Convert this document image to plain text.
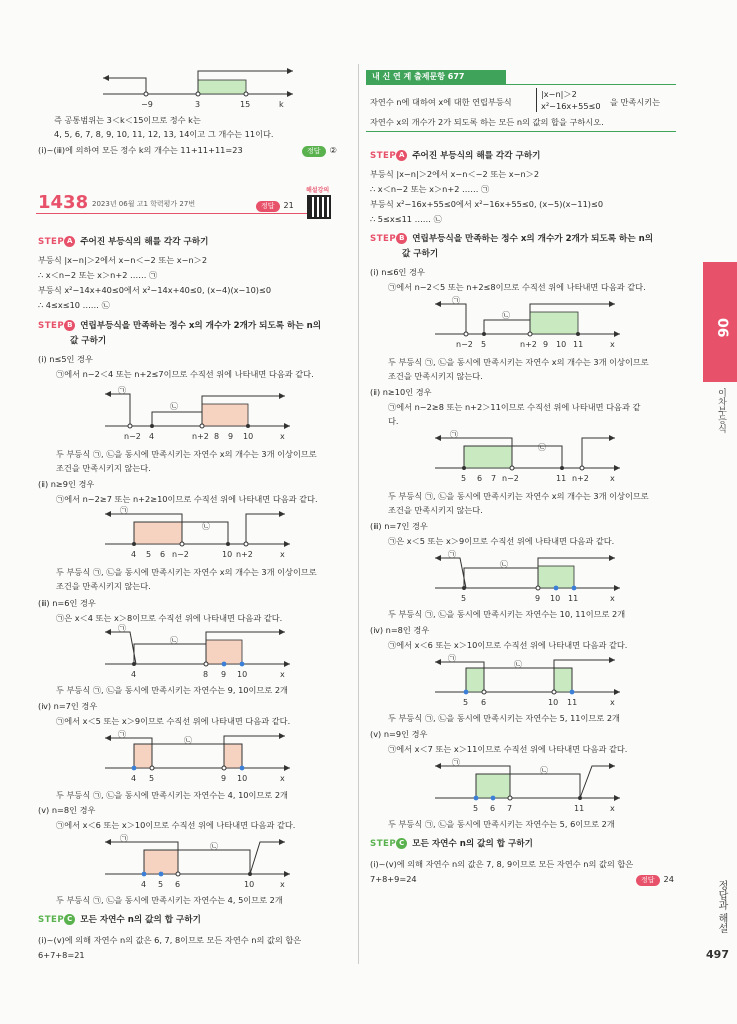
−9	3	15	k
즉 공통범위는 3＜k＜15이므로 정수 k는
4, 5, 6, 7, 8, 9, 10, 11, 12, 13, 14이고 그 개수는 11이다.
(ⅰ)~(ⅲ)에 의하여 모든 정수 k의 개수는 11+11+11=23	정답 ②
1438 2023년 06월 고1 학력평가 27번	정답 21
해설강의
STEP A 주어진 부등식의 해를 각각 구하기
부등식 |x−n|＞2에서 x−n＜−2 또는 x−n＞2
∴ x＜n−2 또는 x＞n+2 …… ㉠
부등식 x²−14x+40≤0에서 x²−14x+40≤0, (x−4)(x−10)≤0
∴ 4≤x≤10 …… ㉡
STEP B 연립부등식을 만족하는 정수 x의 개수가 2개가 되도록 하는 n의
값 구하기
(ⅰ) n≤5인 경우
㉠에서 n−2＜4 또는 n+2≤7이므로 수직선 위에 나타내면 다음과 같다.
㉠
㉡
n−2 4	n+2 8 9 10	x
두 부등식 ㉠, ㉡을 동시에 만족시키는 자연수 x의 개수는 3개 이상이므로
조건을 만족시키지 않는다.
(ⅱ) n≥9인 경우
㉠에서 n−2≥7 또는 n+2≥10이므로 수직선 위에 나타내면 다음과 같다.
㉠
㉡
4 5 6 n−2	10 n+2	x
두 부등식 ㉠, ㉡을 동시에 만족시키는 자연수 x의 개수는 3개 이상이므로
조건을 만족시키지 않는다.
(ⅲ) n=6인 경우
㉠은 x＜4 또는 x＞8이므로 수직선 위에 나타내면 다음과 같다.
㉠
㉡
4	8 9 10	x
두 부등식 ㉠, ㉡을 동시에 만족시키는 자연수는 9, 10이므로 2개
(ⅳ) n=7인 경우
㉠에서 x＜5 또는 x＞9이므로 수직선 위에 나타내면 다음과 같다.
㉠
㉡
4 5	9 10	x
두 부등식 ㉠, ㉡을 동시에 만족시키는 자연수는 4, 10이므로 2개
(ⅴ) n=8인 경우
㉠에서 x＜6 또는 x＞10이므로 수직선 위에 나타내면 다음과 같다.
㉠
㉡
4 5 6	10	x
두 부등식 ㉠, ㉡을 동시에 만족시키는 자연수는 4, 5이므로 2개
STEP C 모든 자연수 n의 값의 합 구하기
(ⅰ)~(ⅴ)에 의해 자연수 n의 값은 6, 7, 8이므로 모든 자연수 n의 값의 합은
6+7+8=21
내 신 연 계 출제문항 677
자연수 n에 대하여 x에 대한 연립부등식
|x−n|＞2
x²−16x+55≤0 을 만족시키는
자연수 x의 개수가 2가 되도록 하는 모든 n의 값의 합을 구하시오.
STEP A 주어진 부등식의 해를 각각 구하기
부등식 |x−n|＞2에서 x−n＜−2 또는 x−n＞2
∴ x＜n−2 또는 x＞n+2 …… ㉠
부등식 x²−16x+55≤0에서 x²−16x+55≤0, (x−5)(x−11)≤0
∴ 5≤x≤11 …… ㉡
STEP B 연립부등식을 만족하는 정수 x의 개수가 2개가 되도록 하는 n의
값 구하기
(ⅰ) n≤6인 경우
㉠에서 n−2＜5 또는 n+2≤8이므로 수직선 위에 나타내면 다음과 같다.
㉠
㉡
n−2 5	n+2 9 10 11	x
두 부등식 ㉠, ㉡을 동시에 만족시키는 자연수 x의 개수는 3개 이상이므로
조건을 만족시키지 않는다.
(ⅱ) n≥10인 경우
㉠에서 n−2≥8 또는 n+2＞11이므로 수직선 위에 나타내면 다음과 같
다.
㉠
㉡
5 6 7 n−2	11 n+2	x
두 부등식 ㉠, ㉡을 동시에 만족시키는 자연수 x의 개수는 3개 이상이므로
조건을 만족시키지 않는다.
(ⅲ) n=7인 경우
㉠은 x＜5 또는 x＞9이므로 수직선 위에 나타내면 다음과 같다.
㉠
㉡
5	9 10 11	x
두 부등식 ㉠, ㉡을 동시에 만족시키는 자연수는 10, 11이므로 2개
(ⅳ) n=8인 경우
㉠에서 x＜6 또는 x＞10이므로 수직선 위에 나타내면 다음과 같다.
㉠
㉡
5 6	10 11	x
두 부등식 ㉠, ㉡을 동시에 만족시키는 자연수는 5, 11이므로 2개
(ⅴ) n=9인 경우
㉠에서 x＜7 또는 x＞11이므로 수직선 위에 나타내면 다음과 같다.
㉠
㉡
5 6 7	11	x
두 부등식 ㉠, ㉡을 동시에 만족시키는 자연수는 5, 6이므로 2개
STEP C 모든 자연수 n의 값의 합 구하기
(ⅰ)~(ⅴ)에 의해 자연수 n의 값은 7, 8, 9이므로 모든 자연수 n의 값의 합은
7+8+9=24	정답 24
06
이차부등식
정답과 해설
497
